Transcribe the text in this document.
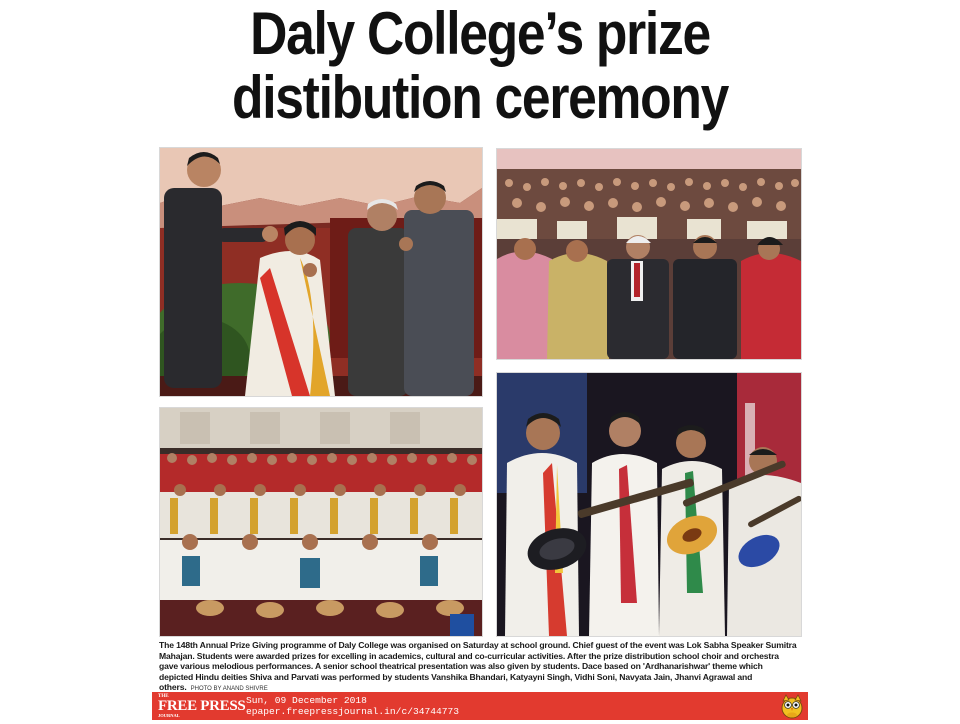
Daly College’s prize
distibution ceremony
The 148th Annual Prize Giving programme of Daly College was organised on Saturday at school ground. Chief guest of the event was Lok Sabha Speaker Sumitra Mahajan. Students were awarded prizes for excelling in academics, cultural and co-curricular activities. After the prize distribution school choir and orchestra gave various melodious performances. A senior school theatrical presentation was also given by students. Dace based on 'Ardhanarishwar' theme which depicted Hindu deities Shiva and Parvati was performed by students Vanshika Bhandari, Katyayni Singh, Vidhi Soni, Navyata Jain, Jhanvi Agrawal and others. PHOTO BY ANAND SHIVRE
THE
FREE PRESS
JOURNAL
Sun, 09 December 2018
epaper.freepressjournal.in/c/34744773
